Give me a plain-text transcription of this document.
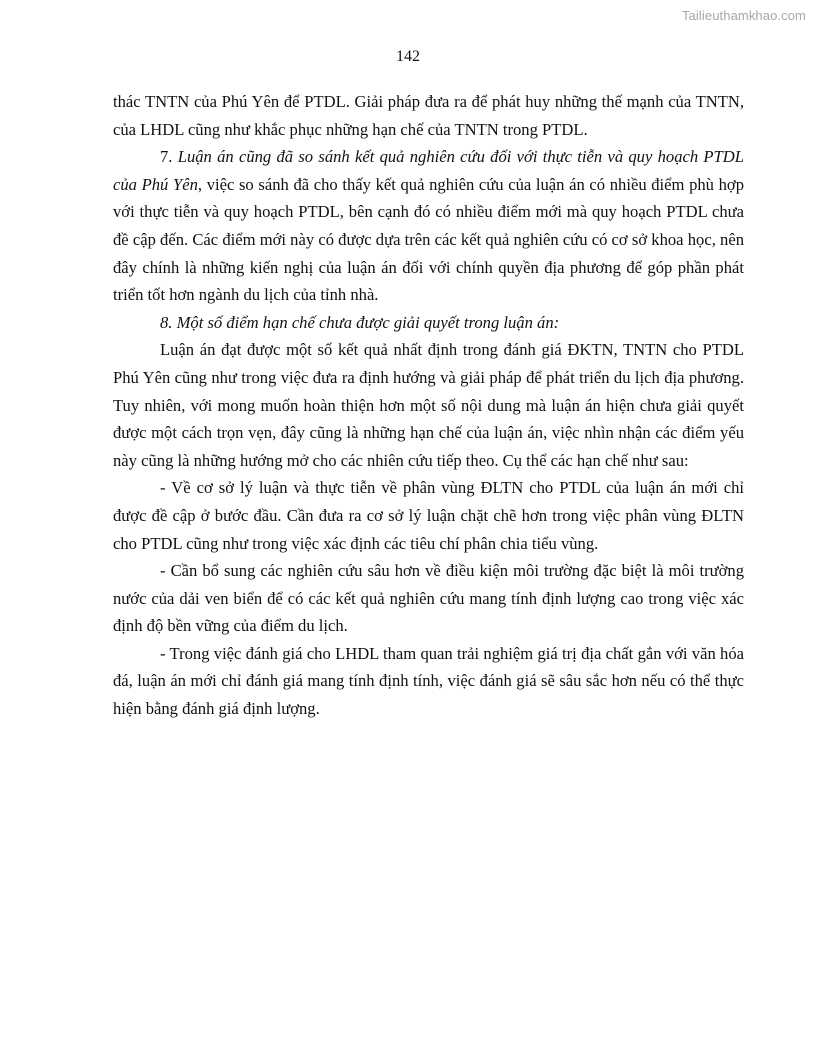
Tailieuthamkhao.com
142

thác TNTN của Phú Yên để PTDL. Giải pháp đưa ra để phát huy những thế mạnh của TNTN, của LHDL cũng như khắc phục những hạn chế của TNTN trong PTDL.

7. Luận án cũng đã so sánh kết quả nghiên cứu đối với thực tiễn và quy hoạch PTDL của Phú Yên, việc so sánh đã cho thấy kết quả nghiên cứu của luận án có nhiều điểm phù hợp với thực tiễn và quy hoạch PTDL, bên cạnh đó có nhiều điểm mới mà quy hoạch PTDL chưa đề cập đến. Các điểm mới này có được dựa trên các kết quả nghiên cứu có cơ sở khoa học, nên đây chính là những kiến nghị của luận án đối với chính quyền địa phương để góp phần phát triển tốt hơn ngành du lịch của tỉnh nhà.

8. Một số điểm hạn chế chưa được giải quyết trong luận án:

Luận án đạt được một số kết quả nhất định trong đánh giá ĐKTN, TNTN cho PTDL Phú Yên cũng như trong việc đưa ra định hướng và giải pháp để phát triển du lịch địa phương. Tuy nhiên, với mong muốn hoàn thiện hơn một số nội dung mà luận án hiện chưa giải quyết được một cách trọn vẹn, đây cũng là những hạn chế của luận án, việc nhìn nhận các điểm yếu này cũng là những hướng mở cho các nhiên cứu tiếp theo. Cụ thể các hạn chế như sau:

- Về cơ sở lý luận và thực tiễn về phân vùng ĐLTN cho PTDL của luận án mới chỉ được đề cập ở bước đầu. Cần đưa ra cơ sở lý luận chặt chẽ hơn trong việc phân vùng ĐLTN cho PTDL cũng như trong việc xác định các tiêu chí phân chia tiểu vùng.

- Cần bổ sung các nghiên cứu sâu hơn về điều kiện môi trường đặc biệt là môi trường nước của dải ven biển để có các kết quả nghiên cứu mang tính định lượng cao trong việc xác định độ bền vững của điểm du lịch.

- Trong việc đánh giá cho LHDL tham quan trải nghiệm giá trị địa chất gắn với văn hóa đá, luận án mới chỉ đánh giá mang tính định tính, việc đánh giá sẽ sâu sắc hơn nếu có thể thực hiện bằng đánh giá định lượng.
